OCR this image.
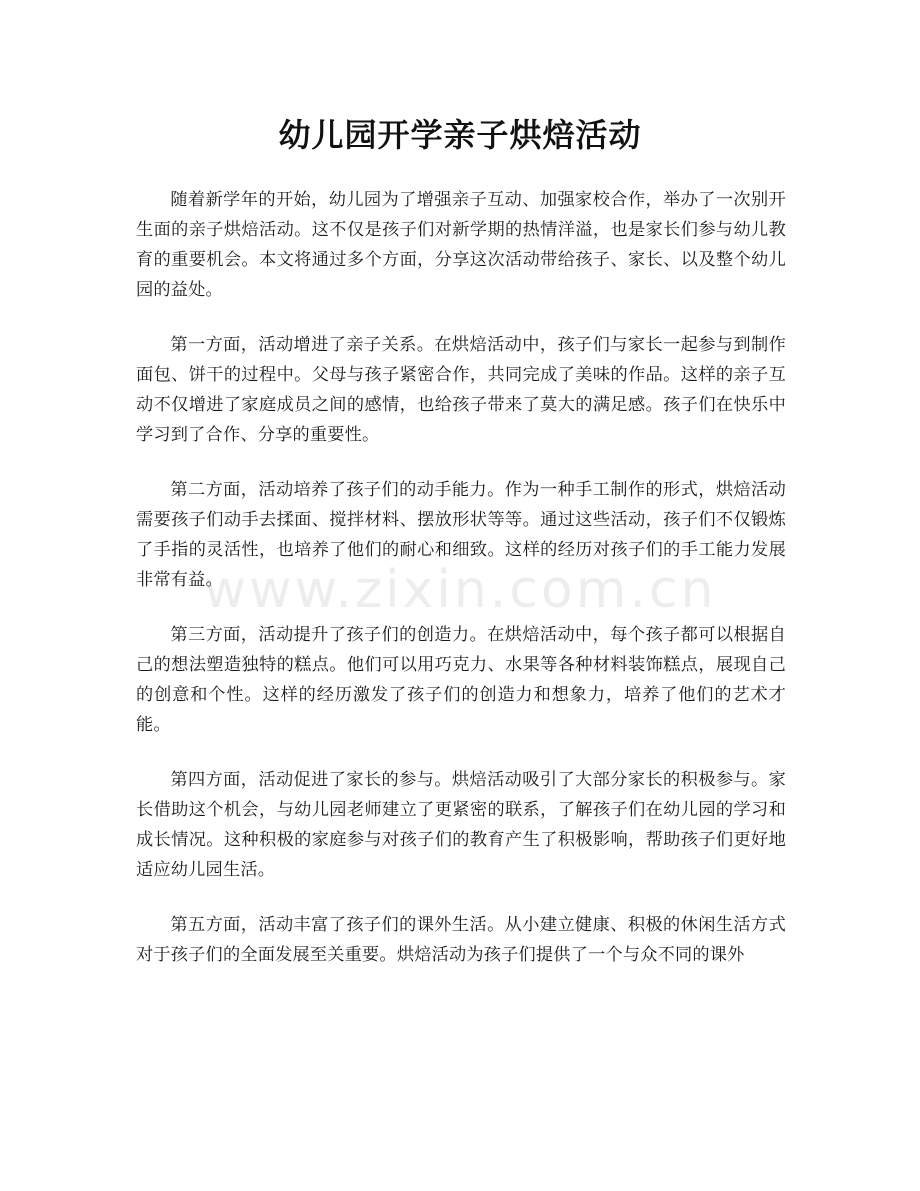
幼儿园开学亲子烘焙活动
www.zixin.com.cn

随着新学年的开始，幼儿园为了增强亲子互动、加强家校合作，举办了一次别开生面的亲子烘焙活动。这不仅是孩子们对新学期的热情洋溢，也是家长们参与幼儿教育的重要机会。本文将通过多个方面，分享这次活动带给孩子、家长、以及整个幼儿园的益处。

第一方面，活动增进了亲子关系。在烘焙活动中，孩子们与家长一起参与到制作面包、饼干的过程中。父母与孩子紧密合作，共同完成了美味的作品。这样的亲子互动不仅增进了家庭成员之间的感情，也给孩子带来了莫大的满足感。孩子们在快乐中学习到了合作、分享的重要性。

第二方面，活动培养了孩子们的动手能力。作为一种手工制作的形式，烘焙活动需要孩子们动手去揉面、搅拌材料、摆放形状等等。通过这些活动，孩子们不仅锻炼了手指的灵活性，也培养了他们的耐心和细致。这样的经历对孩子们的手工能力发展非常有益。

第三方面，活动提升了孩子们的创造力。在烘焙活动中，每个孩子都可以根据自己的想法塑造独特的糕点。他们可以用巧克力、水果等各种材料装饰糕点，展现自己的创意和个性。这样的经历激发了孩子们的创造力和想象力，培养了他们的艺术才能。

第四方面，活动促进了家长的参与。烘焙活动吸引了大部分家长的积极参与。家长借助这个机会，与幼儿园老师建立了更紧密的联系，了解孩子们在幼儿园的学习和成长情况。这种积极的家庭参与对孩子们的教育产生了积极影响，帮助孩子们更好地适应幼儿园生活。

第五方面，活动丰富了孩子们的课外生活。从小建立健康、积极的休闲生活方式对于孩子们的全面发展至关重要。烘焙活动为孩子们提供了一个与众不同的课外
